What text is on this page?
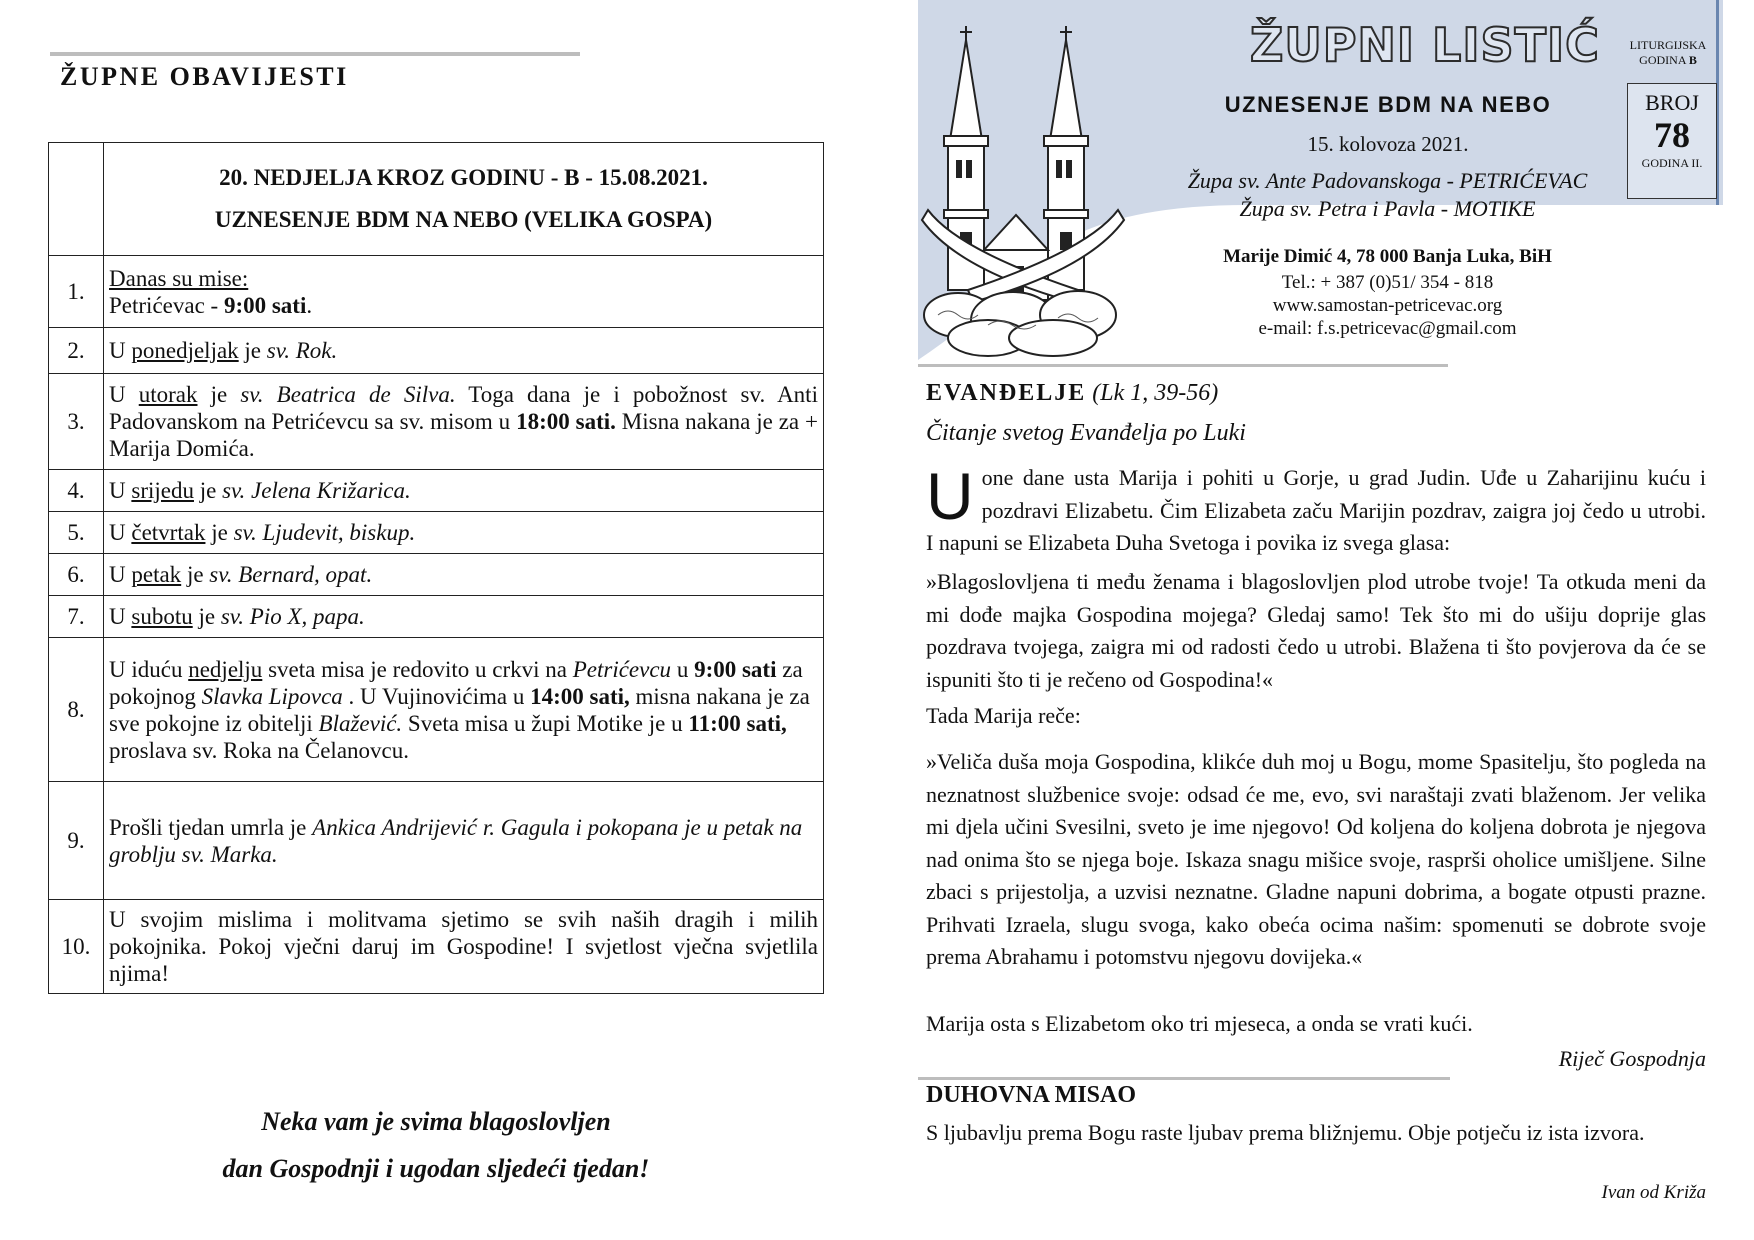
ŽUPNE OBAVIJESTI

	20. NEDJELJA KROZ GODINU - B - 15.08.2021.
UZNESENJE BDM NA NEBO (VELIKA GOSPA)

1.	Danas su mise:
Petrićevac - 9:00 sati.
2.	U ponedjeljak je sv. Rok.
3.	U utorak je sv. Beatrica de Silva. Toga dana je i pobožnost sv. Anti Padovanskom na Petrićevcu sa sv. misom u 18:00 sati. Misna nakana je za + Marija Domića.
4.	U srijedu je sv. Jelena Križarica.
5.	U četvrtak je sv. Ljudevit, biskup.
6.	U petak je sv. Bernard, opat.
7.	U subotu je sv. Pio X, papa.
8.	U iduću nedjelju sveta misa je redovito u crkvi na Petrićevcu u 9:00 sati za pokojnog Slavka Lipovca . U Vujinovićima u 14:00 sati, misna nakana je za sve pokojne iz obitelji Blažević. Sveta misa u župi Motike je u 11:00 sati, proslava sv. Roka na Čelanovcu.
9.	Prošli tjedan umrla je Ankica Andrijević r. Gagula i pokopana je u petak na groblju sv. Marka.
10.	U svojim mislima i molitvama sjetimo se svih naših dragih i milih pokojnika. Pokoj vječni daruj im Gospodine! I svjetlost vječna svjetlila njima!
Neka vam je svima blagoslovljen
dan Gospodnji i ugodan sljedeći tjedan!
ŽUPNI LISTIĆ
UZNESENJE BDM NA NEBO
15. kolovoza 2021.
Župa sv. Ante Padovanskoga - PETRIĆEVAC
Župa sv. Petra i Pavla - MOTIKE
Marije Dimić 4, 78 000 Banja Luka, BiH
Tel.: + 387 (0)51/ 354 - 818
www.samostan-petricevac.org
e-mail: f.s.petricevac@gmail.com
LITURGIJSKA
GODINA B
BROJ
78
GODINA II.
EVANĐELJE (Lk 1, 39-56)
Čitanje svetog Evanđelja po Luki
Uone dane usta Marija i pohiti u Gorje, u grad Judin. Uđe u Zaharijinu kuću i pozdravi Elizabetu. Čim Elizabeta začu Marijin pozdrav, zaigra joj čedo u utrobi. I napuni se Elizabeta Duha Svetoga i povika iz svega glasa:
»Blagoslovljena ti među ženama i blagoslovljen plod utrobe tvoje! Ta otkuda meni da mi dođe majka Gospodina mojega? Gledaj samo! Tek što mi do ušiju doprije glas pozdrava tvojega, zaigra mi od radosti čedo u utrobi. Blažena ti što povjerova da će se ispuniti što ti je rečeno od Gospodina!«
Tada Marija reče:
»Veliča duša moja Gospodina, klikće duh moj u Bogu, mome Spasitelju, što pogleda na neznatnost službenice svoje: odsad će me, evo, svi naraštaji zvati blaženom. Jer velika mi djela učini Svesilni, sveto je ime njegovo! Od koljena do koljena dobrota je njegova nad onima što se njega boje. Iskaza snagu mišice svoje, rasprši oholice umišljene. Silne zbaci s prijestolja, a uzvisi neznatne. Gladne napuni dobrima, a bogate otpusti prazne. Prihvati Izraela, slugu svoga, kako obeća ocima našim: spomenuti se dobrote svoje prema Abrahamu i potomstvu njegovu dovijeka.«
Marija osta s Elizabetom oko tri mjeseca, a onda se vrati kući.
Riječ Gospodnja
DUHOVNA MISAO
S ljubavlju prema Bogu raste ljubav prema bližnjemu. Obje potječu iz ista izvora.
Ivan od Križa
